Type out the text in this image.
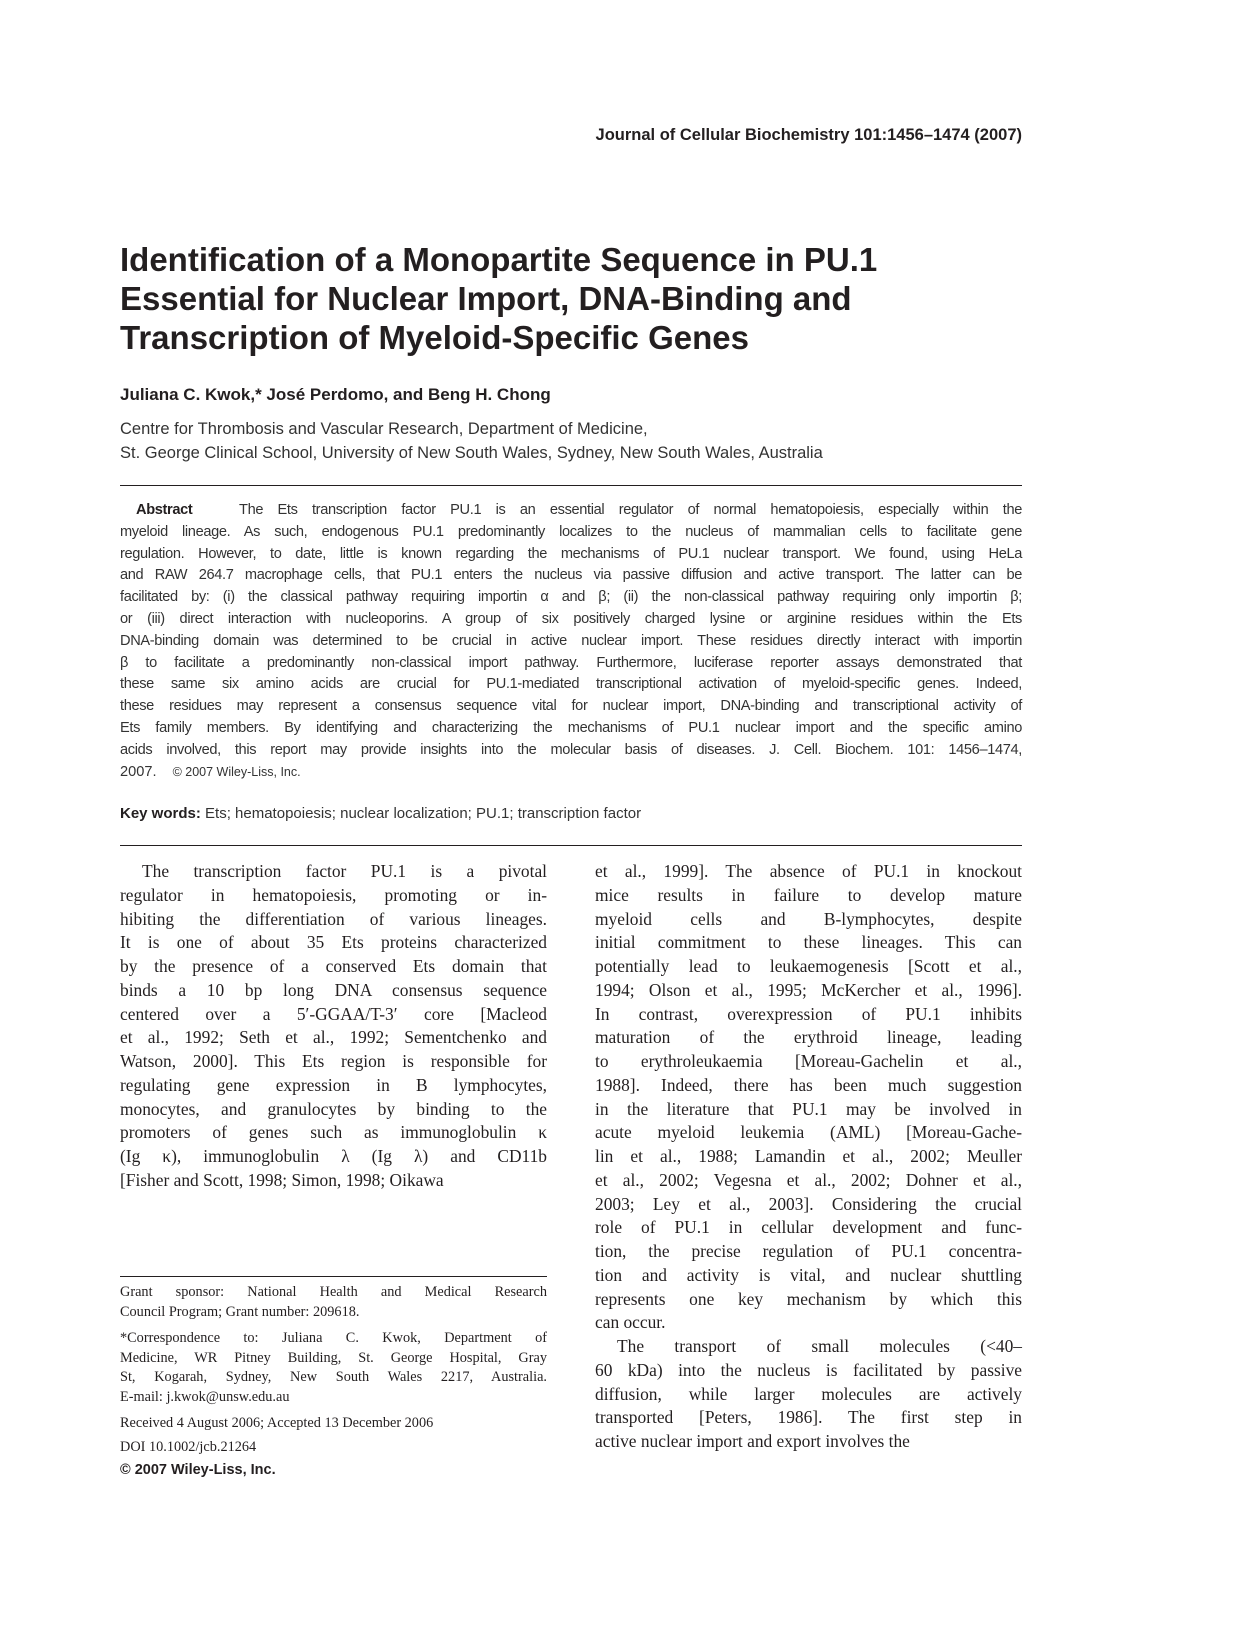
Journal of Cellular Biochemistry 101:1456–1474 (2007)
Identification of a Monopartite Sequence in PU.1
Essential for Nuclear Import, DNA-Binding and
Transcription of Myeloid-Specific Genes
Juliana C. Kwok,* José Perdomo, and Beng H. Chong
Centre for Thrombosis and Vascular Research, Department of Medicine,
St. George Clinical School, University of New South Wales, Sydney, New South Wales, Australia
Abstract	The Ets transcription factor PU.1 is an essential regulator of normal hematopoiesis, especially within the
myeloid lineage. As such, endogenous PU.1 predominantly localizes to the nucleus of mammalian cells to facilitate gene
regulation. However, to date, little is known regarding the mechanisms of PU.1 nuclear transport. We found, using HeLa
and RAW 264.7 macrophage cells, that PU.1 enters the nucleus via passive diffusion and active transport. The latter can be
facilitated by: (i) the classical pathway requiring importin α and β; (ii) the non-classical pathway requiring only importin β;
or (iii) direct interaction with nucleoporins. A group of six positively charged lysine or arginine residues within the Ets
DNA-binding domain was determined to be crucial in active nuclear import. These residues directly interact with importin
β to facilitate a predominantly non-classical import pathway. Furthermore, luciferase reporter assays demonstrated that
these same six amino acids are crucial for PU.1-mediated transcriptional activation of myeloid-specific genes. Indeed,
these residues may represent a consensus sequence vital for nuclear import, DNA-binding and transcriptional activity of
Ets family members. By identifying and characterizing the mechanisms of PU.1 nuclear import and the specific amino
acids involved, this report may provide insights into the molecular basis of diseases. J. Cell. Biochem. 101: 1456–1474,
2007. © 2007 Wiley-Liss, Inc.
Key words: Ets; hematopoiesis; nuclear localization; PU.1; transcription factor
The transcription factor PU.1 is a pivotal
regulator in hematopoiesis, promoting or in-
hibiting the differentiation of various lineages.
It is one of about 35 Ets proteins characterized
by the presence of a conserved Ets domain that
binds a 10 bp long DNA consensus sequence
centered over a 5′-GGAA/T-3′ core [Macleod
et al., 1992; Seth et al., 1992; Sementchenko and
Watson, 2000]. This Ets region is responsible for
regulating gene expression in B lymphocytes,
monocytes, and granulocytes by binding to the
promoters of genes such as immunoglobulin κ
(Ig κ), immunoglobulin λ (Ig λ) and CD11b
[Fisher and Scott, 1998; Simon, 1998; Oikawa
et al., 1999]. The absence of PU.1 in knockout
mice results in failure to develop mature
myeloid cells and B-lymphocytes, despite
initial commitment to these lineages. This can
potentially lead to leukaemogenesis [Scott et al.,
1994; Olson et al., 1995; McKercher et al., 1996].
In contrast, overexpression of PU.1 inhibits
maturation of the erythroid lineage, leading
to erythroleukaemia [Moreau-Gachelin et al.,
1988]. Indeed, there has been much suggestion
in the literature that PU.1 may be involved in
acute myeloid leukemia (AML) [Moreau-Gache-
lin et al., 1988; Lamandin et al., 2002; Meuller
et al., 2002; Vegesna et al., 2002; Dohner et al.,
2003; Ley et al., 2003]. Considering the crucial
role of PU.1 in cellular development and func-
tion, the precise regulation of PU.1 concentra-
tion and activity is vital, and nuclear shuttling
represents one key mechanism by which this
can occur.
The transport of small molecules (<40–
60 kDa) into the nucleus is facilitated by passive
diffusion, while larger molecules are actively
transported [Peters, 1986]. The first step in
active nuclear import and export involves the
Grant sponsor: National Health and Medical Research
Council Program; Grant number: 209618.
*Correspondence to: Juliana C. Kwok, Department of
Medicine, WR Pitney Building, St. George Hospital, Gray
St, Kogarah, Sydney, New South Wales 2217, Australia.
E-mail: j.kwok@unsw.edu.au
Received 4 August 2006; Accepted 13 December 2006
DOI 10.1002/jcb.21264
© 2007 Wiley-Liss, Inc.
